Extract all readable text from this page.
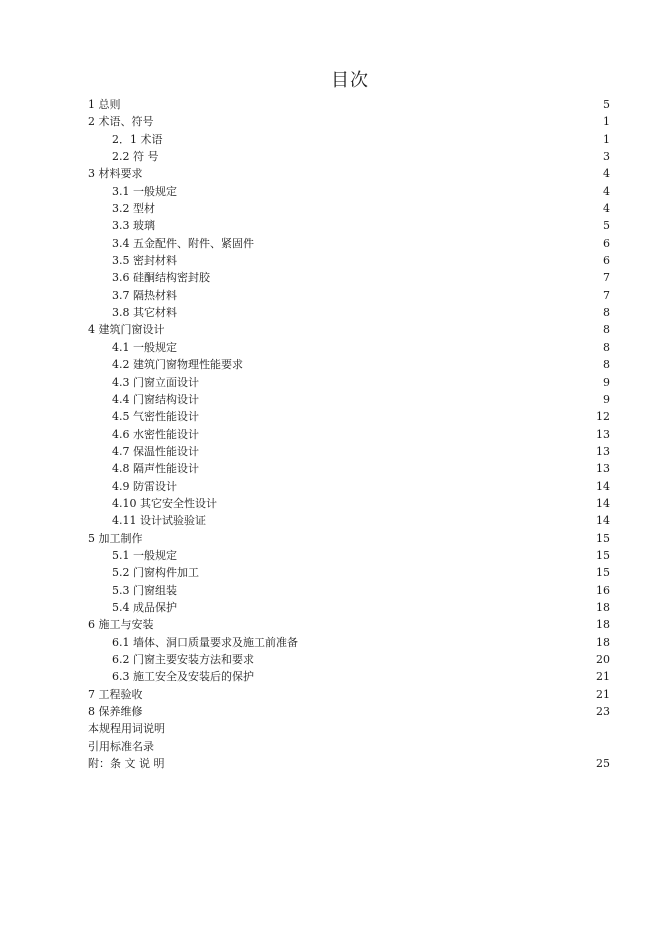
目次
1 总则	5
2 术语、符号	1
2．1 术语	1
2.2 符 号	3
3 材料要求	4
3.1 一般规定	4
3.2 型材	4
3.3 玻璃	5
3.4 五金配件、附件、紧固件	6
3.5 密封材料	6
3.6 硅酮结构密封胶	7
3.7 隔热材料	7
3.8 其它材料	8
4 建筑门窗设计	8
4.1 一般规定	8
4.2 建筑门窗物理性能要求	8
4.3 门窗立面设计	9
4.4 门窗结构设计	9
4.5 气密性能设计	12
4.6 水密性能设计	13
4.7 保温性能设计	13
4.8 隔声性能设计	13
4.9 防雷设计	14
4.10 其它安全性设计	14
4.11 设计试验验证	14
5 加工制作	15
5.1 一般规定	15
5.2 门窗构件加工	15
5.3 门窗组装	16
5.4 成品保护	18
6 施工与安装	18
6.1 墙体、洞口质量要求及施工前准备	18
6.2 门窗主要安装方法和要求	20
6.3 施工安全及安装后的保护	21
7 工程验收	21
8 保养维修	23
本规程用词说明
引用标准名录
附：条 文 说 明	25
